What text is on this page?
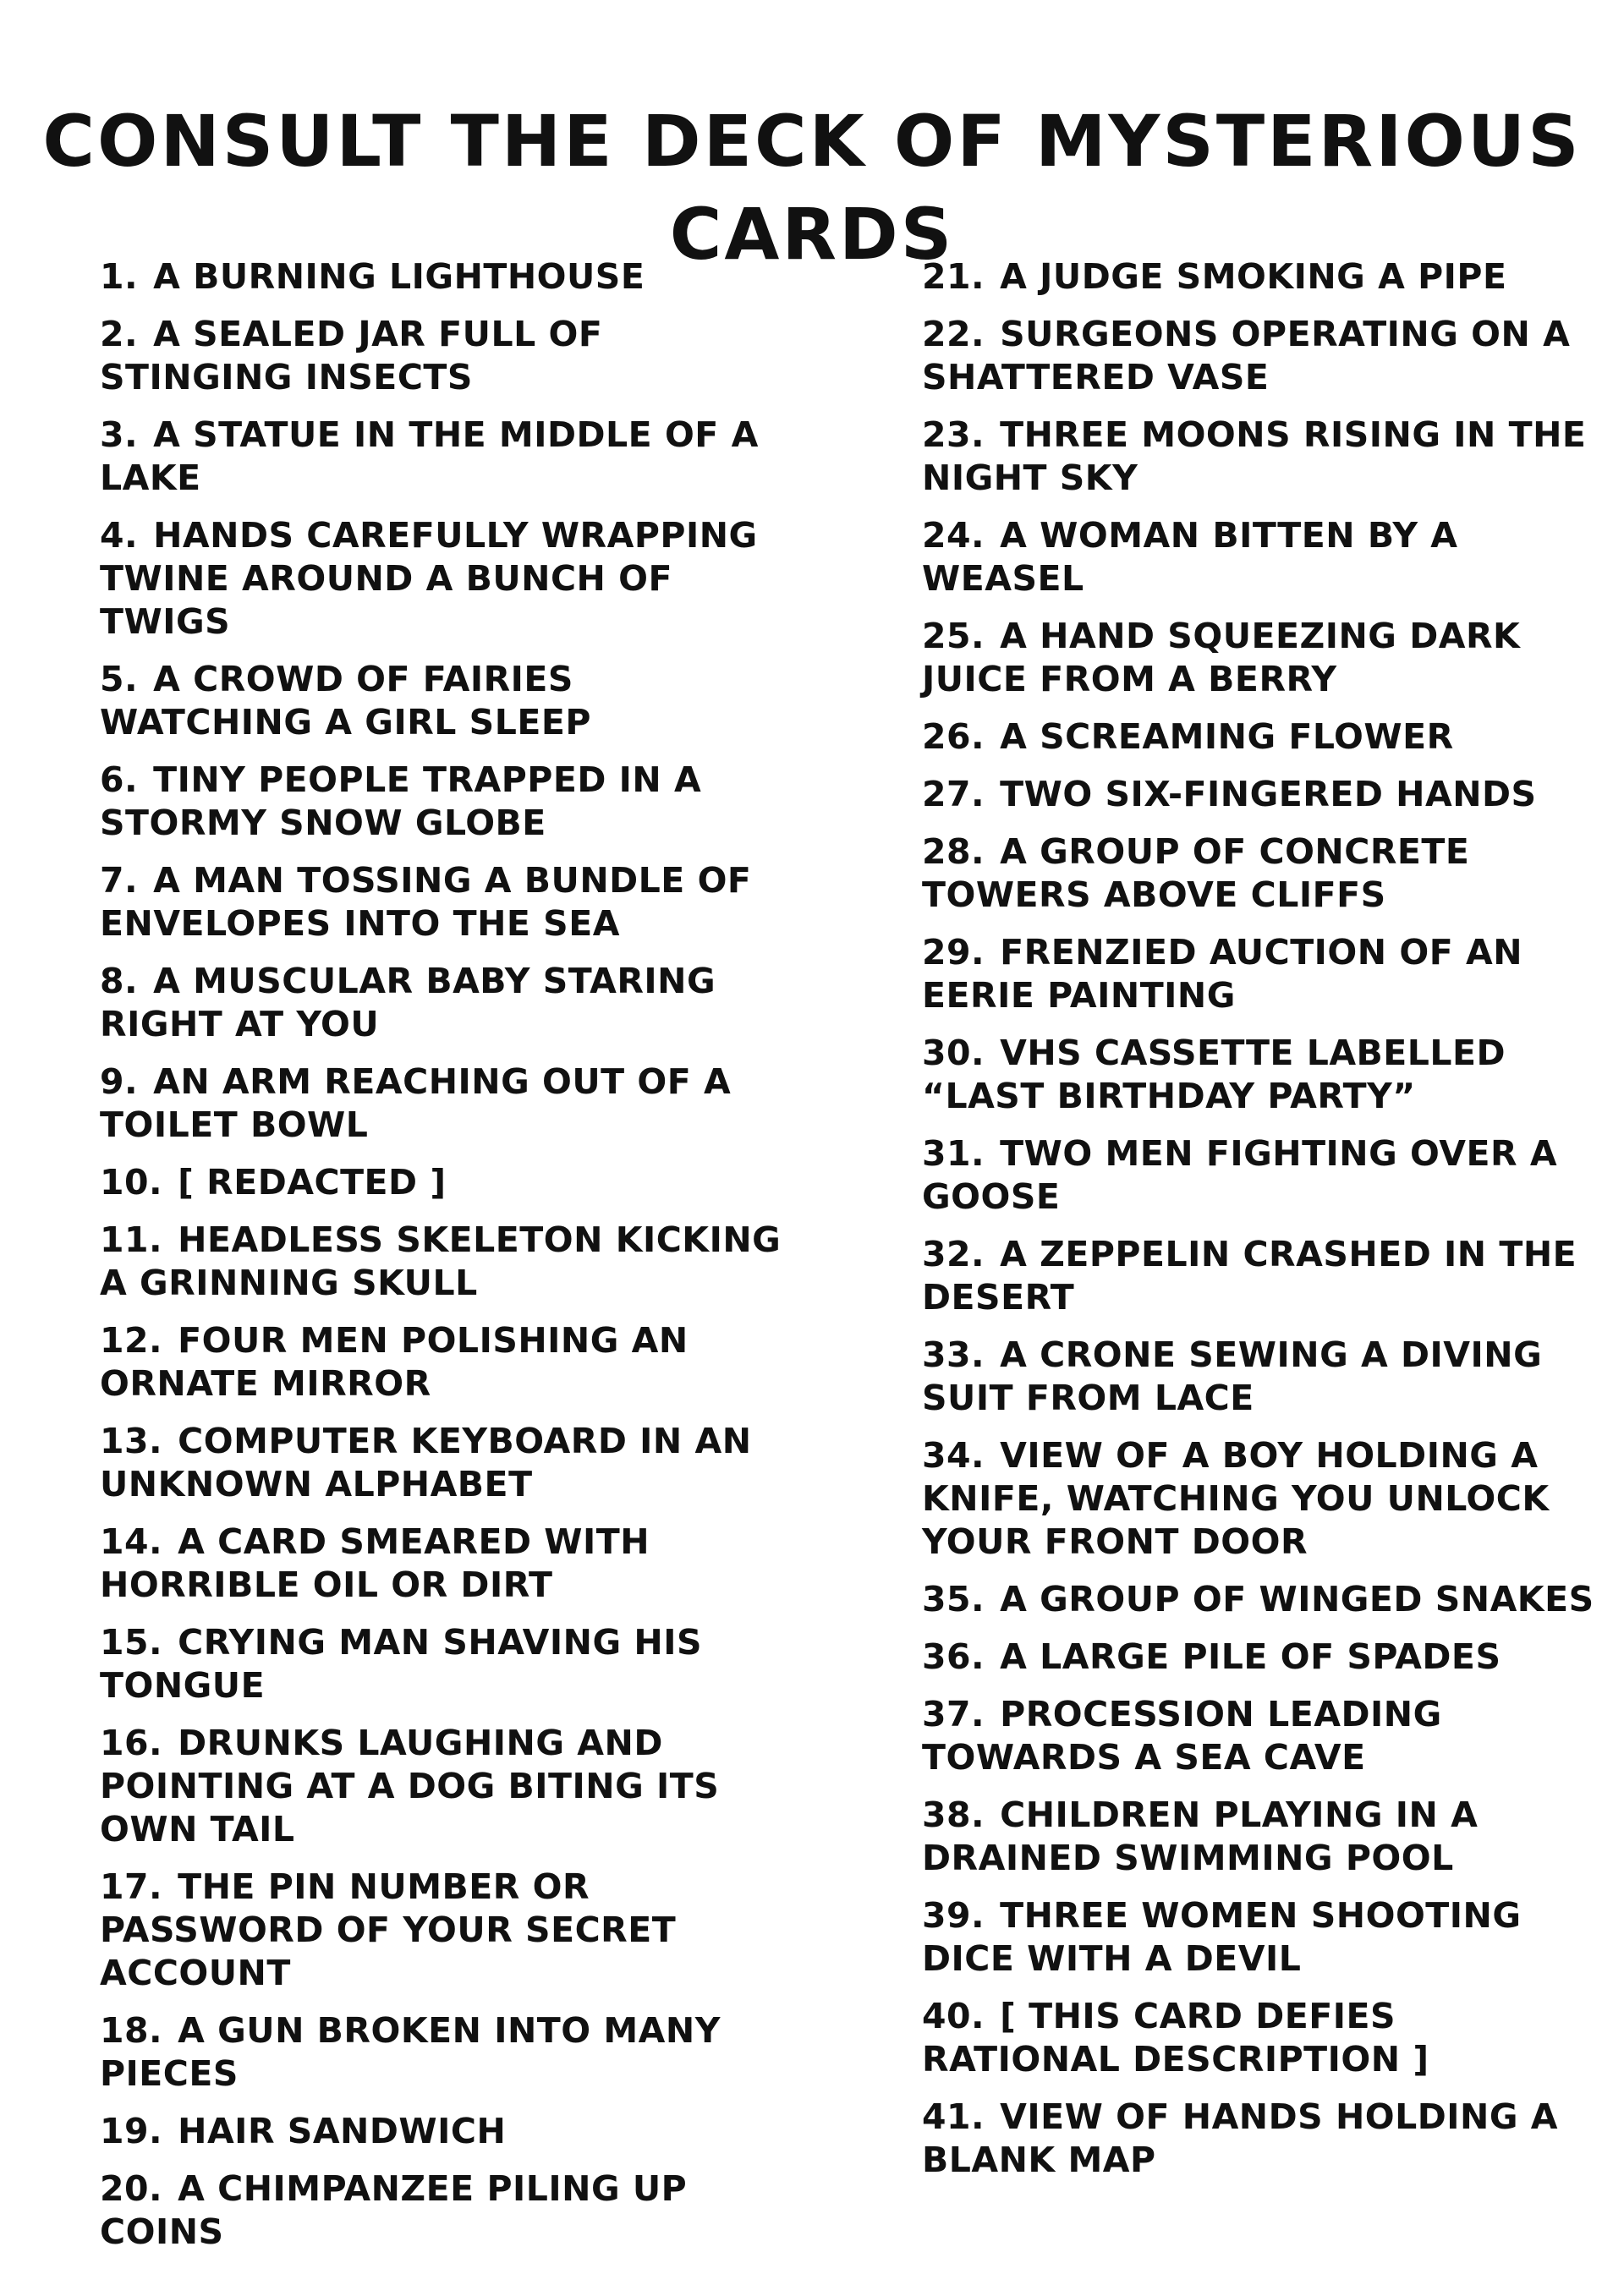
CONSULT THE DECK OF MYSTERIOUS CARDS
1. A BURNING LIGHTHOUSE
2. A SEALED JAR FULL OF STINGING INSECTS
3. A STATUE IN THE MIDDLE OF A LAKE
4. HANDS CAREFULLY WRAPPING TWINE AROUND A BUNCH OF TWIGS
5. A CROWD OF FAIRIES WATCHING A GIRL SLEEP
6. TINY PEOPLE TRAPPED IN A STORMY SNOW GLOBE
7. A MAN TOSSING A BUNDLE OF ENVELOPES INTO THE SEA
8. A MUSCULAR BABY STARING RIGHT AT YOU
9. AN ARM REACHING OUT OF A TOILET BOWL
10. [ REDACTED ]
11. HEADLESS SKELETON KICKING A GRINNING SKULL
12. FOUR MEN POLISHING AN ORNATE MIRROR
13. COMPUTER KEYBOARD IN AN UNKNOWN ALPHABET
14. A CARD SMEARED WITH HORRIBLE OIL OR DIRT
15. CRYING MAN SHAVING HIS TONGUE
16. DRUNKS LAUGHING AND POINTING AT A DOG BITING ITS OWN TAIL
17. THE PIN NUMBER OR PASSWORD OF YOUR SECRET ACCOUNT
18. A GUN BROKEN INTO MANY PIECES
19. HAIR SANDWICH
20. A CHIMPANZEE PILING UP COINS
21. A JUDGE SMOKING A PIPE
22. SURGEONS OPERATING ON A SHATTERED VASE
23. THREE MOONS RISING IN THE NIGHT SKY
24. A WOMAN BITTEN BY A WEASEL
25. A HAND SQUEEZING DARK JUICE FROM A BERRY
26. A SCREAMING FLOWER
27. TWO SIX-FINGERED HANDS
28. A GROUP OF CONCRETE TOWERS ABOVE CLIFFS
29. FRENZIED AUCTION OF AN EERIE PAINTING
30. VHS CASSETTE LABELLED “LAST BIRTHDAY PARTY”
31. TWO MEN FIGHTING OVER A GOOSE
32. A ZEPPELIN CRASHED IN THE DESERT
33. A CRONE SEWING A DIVING SUIT FROM LACE
34. VIEW OF A BOY HOLDING A KNIFE, WATCHING YOU UNLOCK YOUR FRONT DOOR
35. A GROUP OF WINGED SNAKES
36. A LARGE PILE OF SPADES
37. PROCESSION LEADING TOWARDS A SEA CAVE
38. CHILDREN PLAYING IN A DRAINED SWIMMING POOL
39. THREE WOMEN SHOOTING DICE WITH A DEVIL
40. [ THIS CARD DEFIES RATIONAL DESCRIPTION ]
41. VIEW OF HANDS HOLDING A BLANK MAP
